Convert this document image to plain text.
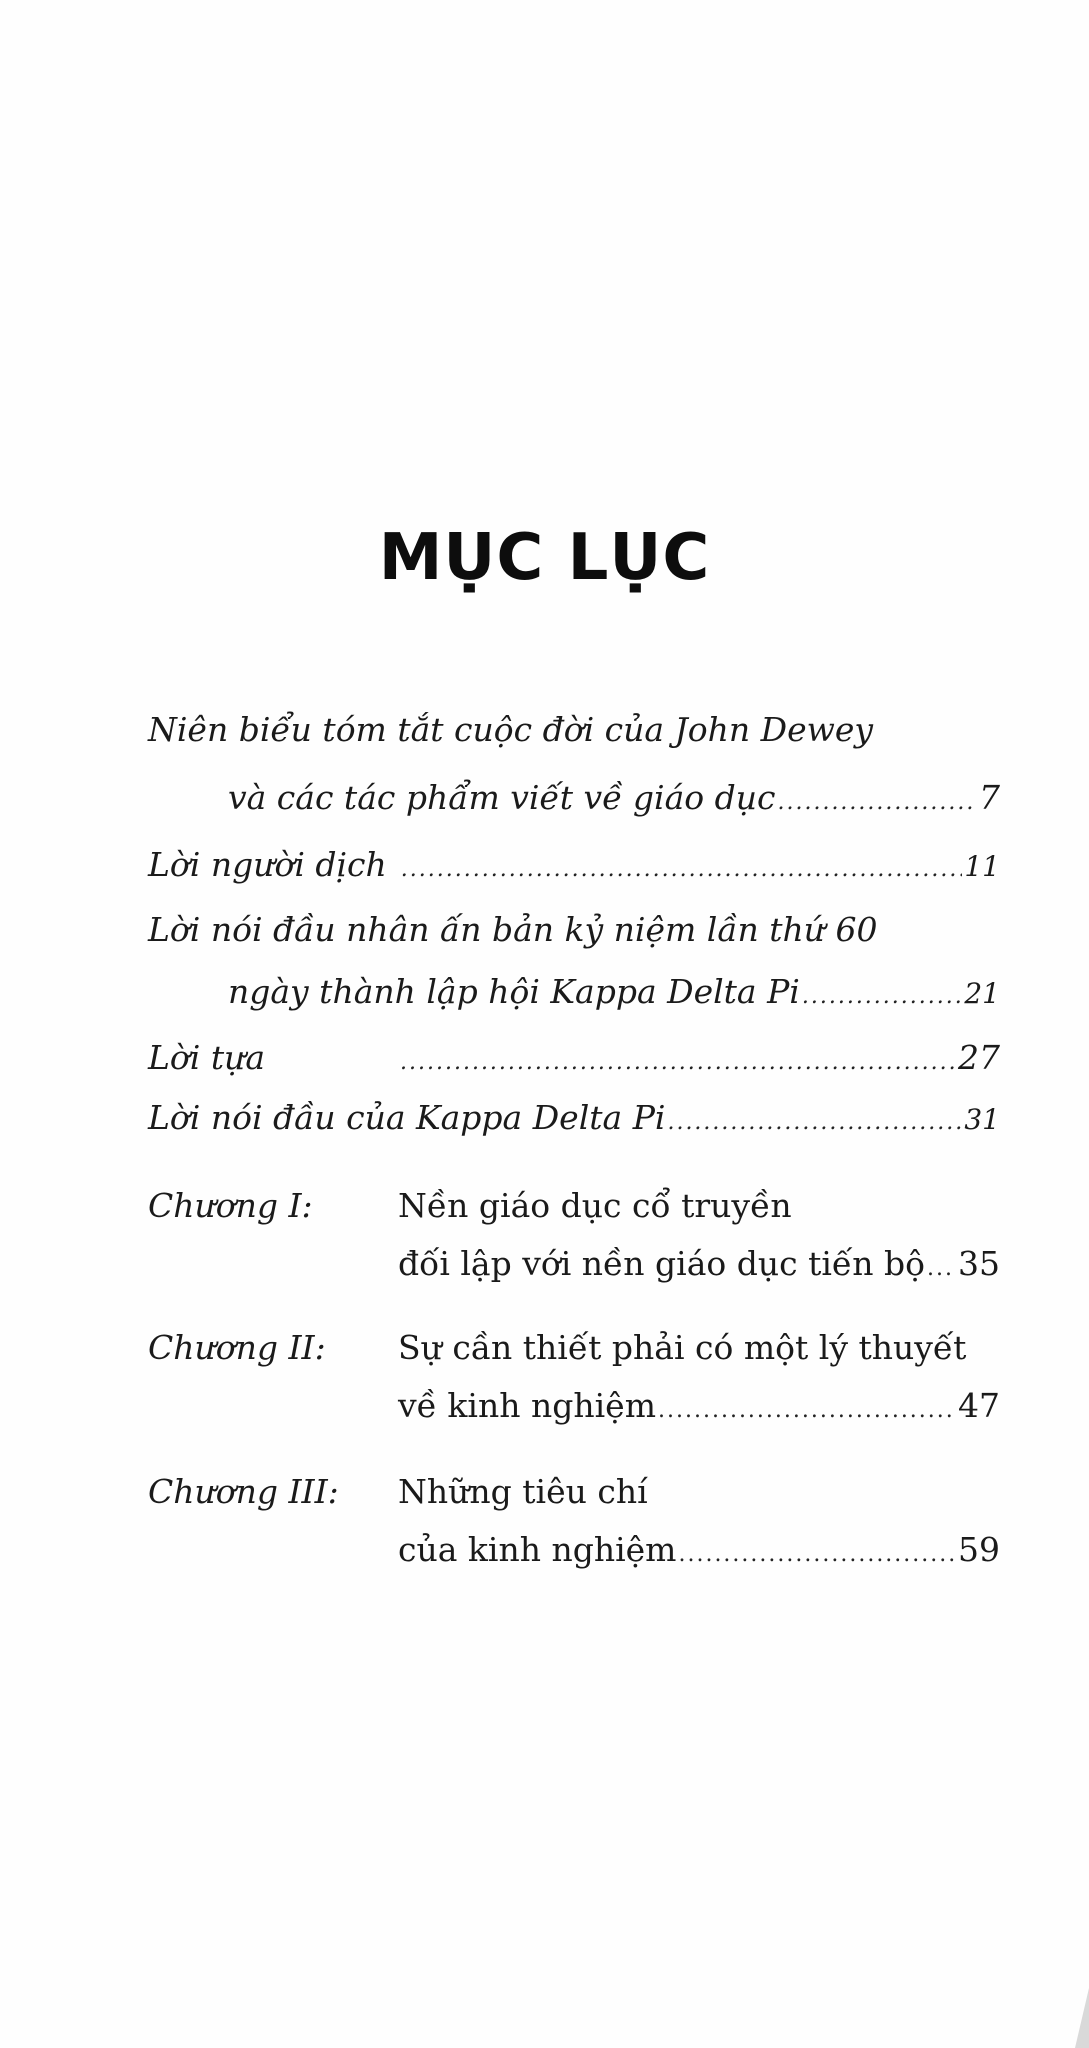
MỤC LỤC
Niên biểu tóm tắt cuộc đời của John Dewey
và các tác phẩm viết về giáo dục .....	7
Lời người dịch .....	11
Lời nói đầu nhân ấn bản kỷ niệm lần thứ 60
ngày thành lập hội Kappa Delta Pi .....	21
Lời tựa .....	27
Lời nói đầu của Kappa Delta Pi .....	31
Chương I:	Nền giáo dục cổ truyền
đối lập với nền giáo dục tiến bộ ..... 35
Chương II: Sự cần thiết phải có một lý thuyết
về kinh nghiệm .....	47
Chương III: Những tiêu chí
của kinh nghiệm .....	59
